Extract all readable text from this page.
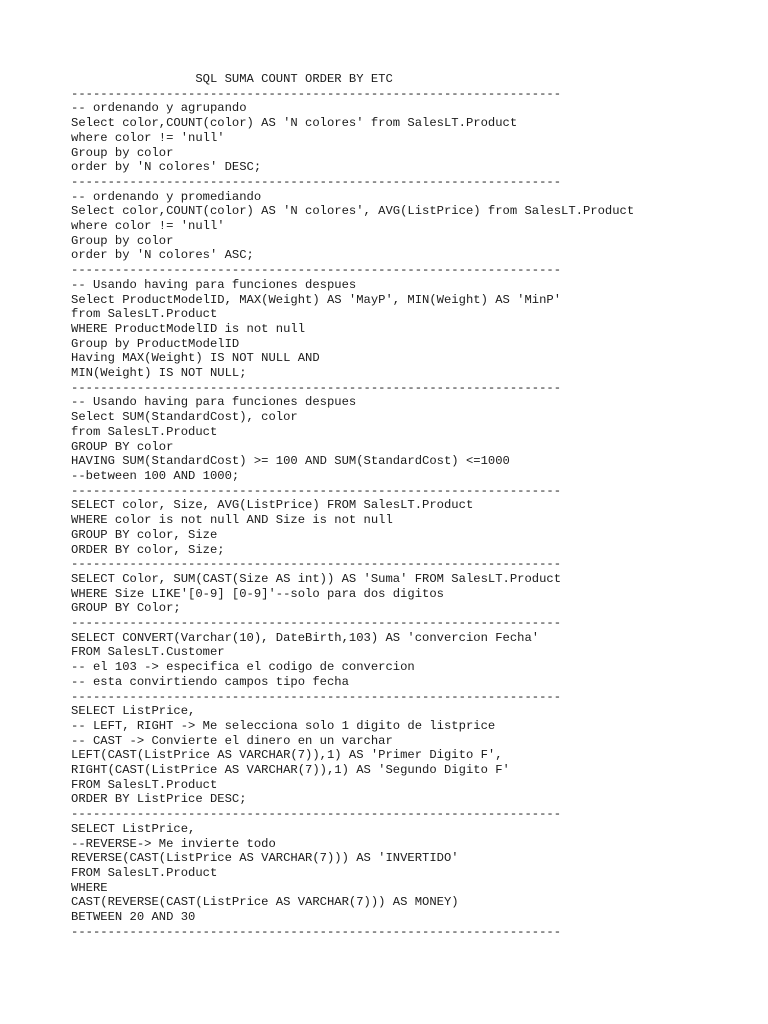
SQL SUMA COUNT ORDER BY ETC
-------------------------------------------------------------------
-- ordenando y agrupando
Select color,COUNT(color) AS 'N colores' from SalesLT.Product
where color != 'null'
Group by color
order by 'N colores' DESC;
-------------------------------------------------------------------
-- ordenando y promediando
Select color,COUNT(color) AS 'N colores', AVG(ListPrice) from SalesLT.Product
where color != 'null'
Group by color
order by 'N colores' ASC;
-------------------------------------------------------------------
-- Usando having para funciones despues
Select ProductModelID, MAX(Weight) AS 'MayP', MIN(Weight) AS 'MinP'
from SalesLT.Product
WHERE ProductModelID is not null
Group by ProductModelID
Having MAX(Weight) IS NOT NULL AND
MIN(Weight) IS NOT NULL;
-------------------------------------------------------------------
-- Usando having para funciones despues
Select SUM(StandardCost), color
from SalesLT.Product
GROUP BY color
HAVING SUM(StandardCost) >= 100 AND SUM(StandardCost) <=1000
--between 100 AND 1000;
-------------------------------------------------------------------
SELECT color, Size, AVG(ListPrice) FROM SalesLT.Product
WHERE color is not null AND Size is not null
GROUP BY color, Size
ORDER BY color, Size;
-------------------------------------------------------------------
SELECT Color, SUM(CAST(Size AS int)) AS 'Suma' FROM SalesLT.Product
WHERE Size LIKE'[0-9] [0-9]'--solo para dos digitos
GROUP BY Color;
-------------------------------------------------------------------
SELECT CONVERT(Varchar(10), DateBirth,103) AS 'convercion Fecha'
FROM SalesLT.Customer
-- el 103 -> especifica el codigo de convercion
-- esta convirtiendo campos tipo fecha
-------------------------------------------------------------------
SELECT ListPrice,
-- LEFT, RIGHT -> Me selecciona solo 1 digito de listprice
-- CAST -> Convierte el dinero en un varchar
LEFT(CAST(ListPrice AS VARCHAR(7)),1) AS 'Primer Digito F',
RIGHT(CAST(ListPrice AS VARCHAR(7)),1) AS 'Segundo Digito F'
FROM SalesLT.Product
ORDER BY ListPrice DESC;
-------------------------------------------------------------------
SELECT ListPrice,
--REVERSE-> Me invierte todo
REVERSE(CAST(ListPrice AS VARCHAR(7))) AS 'INVERTIDO'
FROM SalesLT.Product
WHERE
CAST(REVERSE(CAST(ListPrice AS VARCHAR(7))) AS MONEY)
BETWEEN 20 AND 30
-------------------------------------------------------------------
